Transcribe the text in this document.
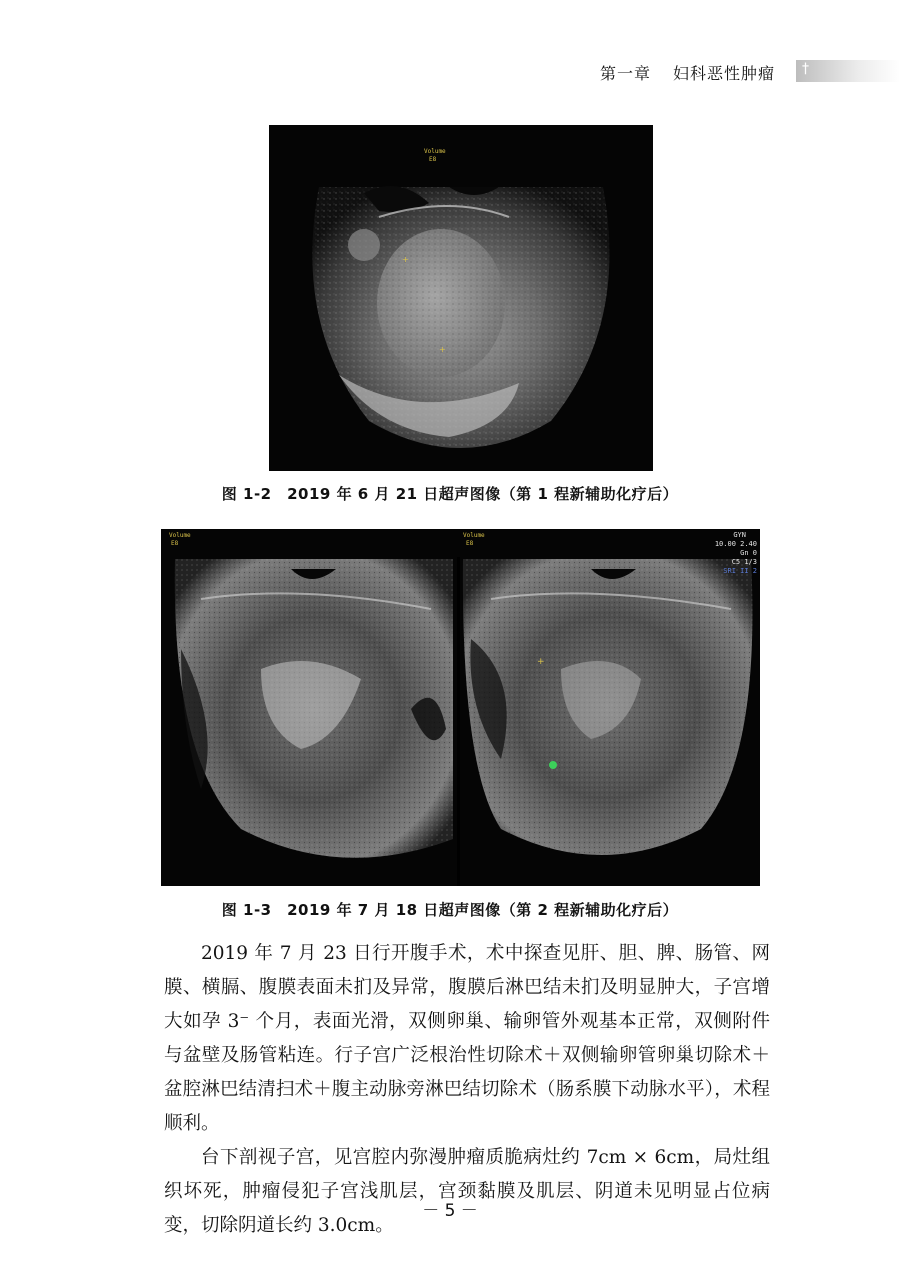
第一章 妇科恶性肿瘤 †
Volume
E8
+
+
图 1-2　2019 年 6 月 21 日超声图像（第 1 程新辅助化疗后）
+
Volume
E8
Volume
E8
GYN
10.00 2.40
Gn 0
C5 1/3
SRI II 2
图 1-3　2019 年 7 月 18 日超声图像（第 2 程新辅助化疗后）

2019 年 7 月 23 日行开腹手术，术中探查见肝、胆、脾、肠管、网膜、横膈、腹膜表面未扪及异常，腹膜后淋巴结未扪及明显肿大，子宫增大如孕 3⁻ 个月，表面光滑，双侧卵巢、输卵管外观基本正常，双侧附件与盆壁及肠管粘连。行子宫广泛根治性切除术＋双侧输卵管卵巢切除术＋盆腔淋巴结清扫术＋腹主动脉旁淋巴结切除术（肠系膜下动脉水平），术程顺利。

台下剖视子宫，见宫腔内弥漫肿瘤质脆病灶约 7cm × 6cm，局灶组织坏死，肿瘤侵犯子宫浅肌层，宫颈黏膜及肌层、阴道未见明显占位病变，切除阴道长约 3.0cm。

－ 5 －
